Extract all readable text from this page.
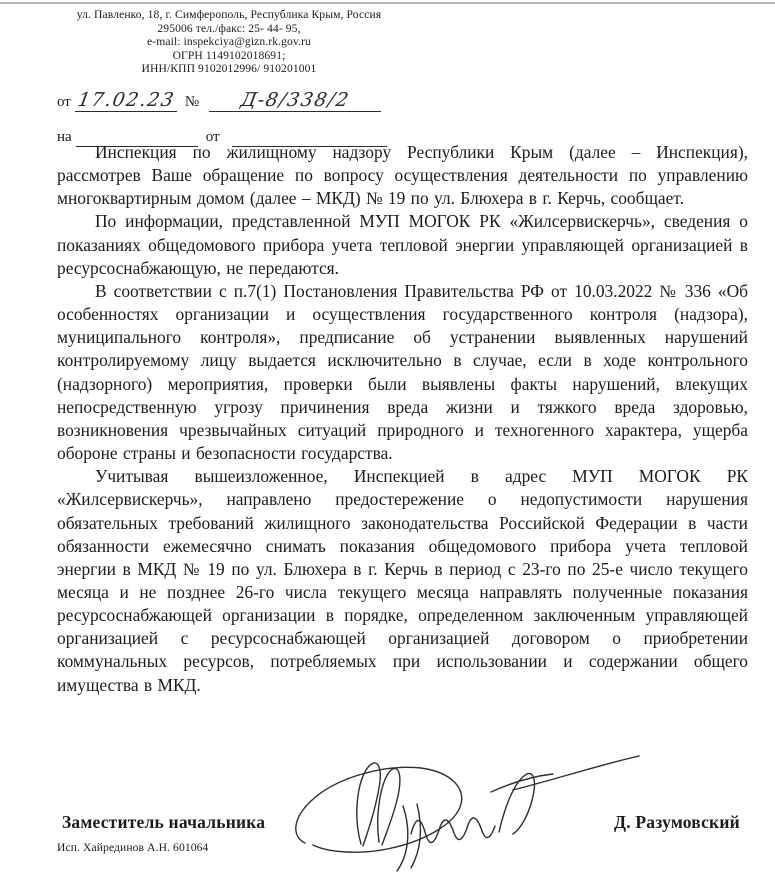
ул. Павленко, 18, г. Симферополь, Республика Крым, Россия
295006 тел./факс: 25- 44- 95,
e-mail: inspekciya@gizn.rk.gov.ru
ОГРН 1149102018691;
ИНН/КПП 9102012996/ 910201001
от 17.02.23 № Д-8/338/2
на	от

Инспекция по жилищному надзору Республики Крым (далее – Инспекция), рассмотрев Ваше обращение по вопросу осуществления деятельности по управлению многоквартирным домом (далее – МКД) № 19 по ул. Блюхера в г. Керчь, сообщает.

По информации, представленной МУП МОГОК РК «Жилсервискерчь», сведения о показаниях общедомового прибора учета тепловой энергии управляющей организацией в ресурсоснабжающую, не передаются.

В соответствии с п.7(1) Постановления Правительства РФ от 10.03.2022 № 336 «Об особенностях организации и осуществления государственного контроля (надзора), муниципального контроля», предписание об устранении выявленных нарушений контролируемому лицу выдается исключительно в случае, если в ходе контрольного (надзорного) мероприятия, проверки были выявлены факты нарушений, влекущих непосредственную угрозу причинения вреда жизни и тяжкого вреда здоровью, возникновения чрезвычайных ситуаций природного и техногенного характера, ущерба обороне страны и безопасности государства.

Учитывая вышеизложенное, Инспекцией в адрес МУП МОГОК РК «Жилсервискерчь», направлено предостережение о недопустимости нарушения обязательных требований жилищного законодательства Российской Федерации в части обязанности ежемесячно снимать показания общедомового прибора учета тепловой энергии в МКД № 19 по ул. Блюхера в г. Керчь в период с 23-го по 25-е число текущего месяца и не позднее 26-го числа текущего месяца направлять полученные показания ресурсоснабжающей организации в порядке, определенном заключенным управляющей организацией с ресурсоснабжающей организацией договором о приобретении коммунальных ресурсов, потребляемых при использовании и содержании общего имущества в МКД.

Заместитель начальника	Д. Разумовский
Исп. Хайрединов А.Н. 601064
